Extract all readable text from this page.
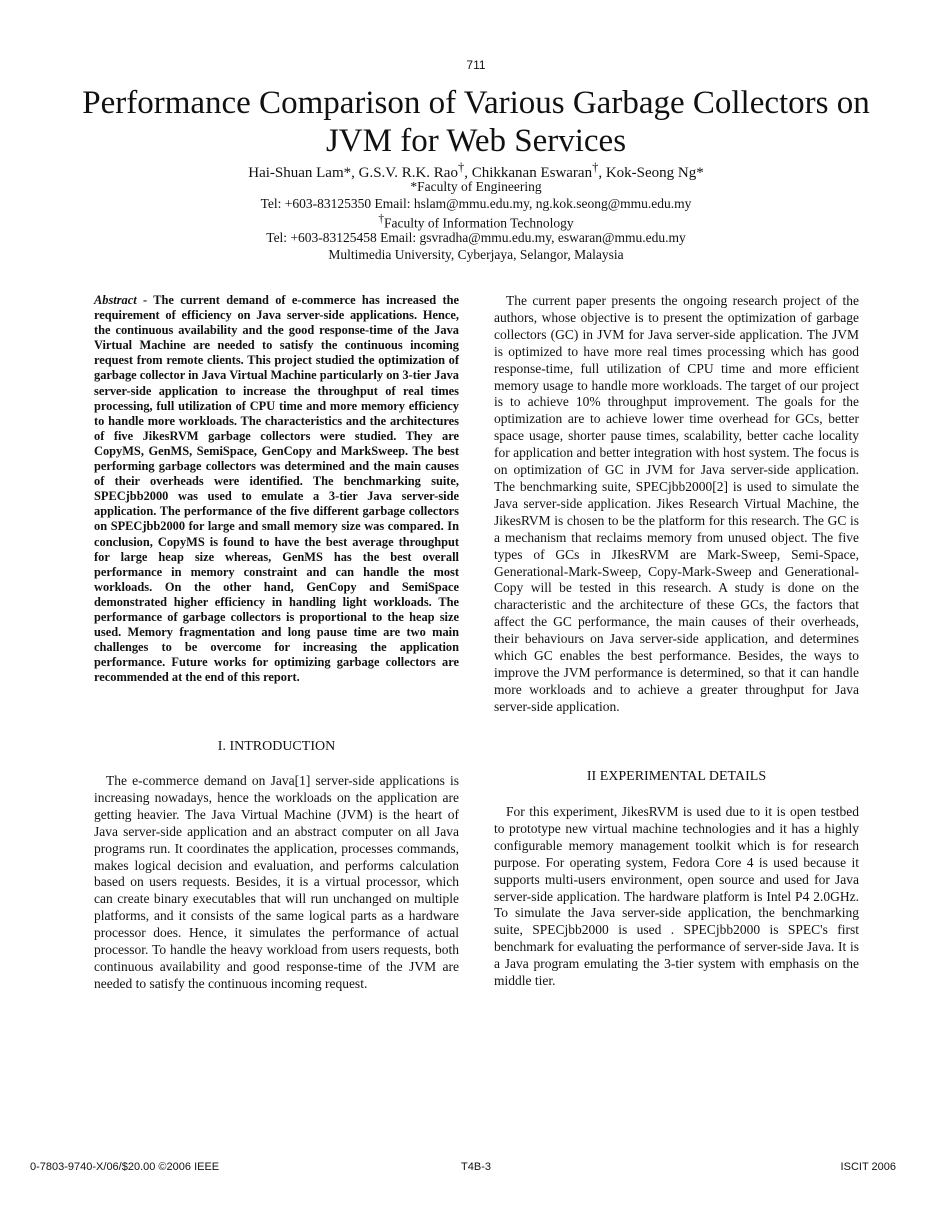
711
Performance Comparison of Various Garbage Collectors on JVM for Web Services
Hai-Shuan Lam*, G.S.V. R.K. Rao†, Chikkanan Eswaran†, Kok-Seong Ng*
*Faculty of Engineering
Tel: +603-83125350 Email: hslam@mmu.edu.my, ng.kok.seong@mmu.edu.my
†Faculty of Information Technology
Tel: +603-83125458 Email: gsvradha@mmu.edu.my, eswaran@mmu.edu.my
Multimedia University, Cyberjaya, Selangor, Malaysia

Abstract - The current demand of e-commerce has increased the requirement of efficiency on Java server-side applications. Hence, the continuous availability and the good response-time of the Java Virtual Machine are needed to satisfy the continuous incoming request from remote clients. This project studied the optimization of garbage collector in Java Virtual Machine particularly on 3-tier Java server-side application to increase the throughput of real times processing, full utilization of CPU time and more memory efficiency to handle more workloads. The characteristics and the architectures of five JikesRVM garbage collectors were studied. They are CopyMS, GenMS, SemiSpace, GenCopy and MarkSweep. The best performing garbage collectors was determined and the main causes of their overheads were identified. The benchmarking suite, SPECjbb2000 was used to emulate a 3-tier Java server-side application. The performance of the five different garbage collectors on SPECjbb2000 for large and small memory size was compared. In conclusion, CopyMS is found to have the best average throughput for large heap size whereas, GenMS has the best overall performance in memory constraint and can handle the most workloads. On the other hand, GenCopy and SemiSpace demonstrated higher efficiency in handling light workloads. The performance of garbage collectors is proportional to the heap size used. Memory fragmentation and long pause time are two main challenges to be overcome for increasing the application performance. Future works for optimizing garbage collectors are recommended at the end of this report.

I. INTRODUCTION

The e-commerce demand on Java[1] server-side applications is increasing nowadays, hence the workloads on the application are getting heavier. The Java Virtual Machine (JVM) is the heart of Java server-side application and an abstract computer on all Java programs run. It coordinates the application, processes commands, makes logical decision and evaluation, and performs calculation based on users requests. Besides, it is a virtual processor, which can create binary executables that will run unchanged on multiple platforms, and it consists of the same logical parts as a hardware processor does. Hence, it simulates the performance of actual processor. To handle the heavy workload from users requests, both continuous availability and good response-time of the JVM are needed to satisfy the continuous incoming request.

The current paper presents the ongoing research project of the authors, whose objective is to present the optimization of garbage collectors (GC) in JVM for Java server-side application. The JVM is optimized to have more real times processing which has good response-time, full utilization of CPU time and more efficient memory usage to handle more workloads. The target of our project is to achieve 10% throughput improvement. The goals for the optimization are to achieve lower time overhead for GCs, better space usage, shorter pause times, scalability, better cache locality for application and better integration with host system. The focus is on optimization of GC in JVM for Java server-side application. The benchmarking suite, SPECjbb2000[2] is used to simulate the Java server-side application. Jikes Research Virtual Machine, the JikesRVM is chosen to be the platform for this research. The GC is a mechanism that reclaims memory from unused object. The five types of GCs in JIkesRVM are Mark-Sweep, Semi-Space, Generational-Mark-Sweep, Copy-Mark-Sweep and Generational-Copy will be tested in this research. A study is done on the characteristic and the architecture of these GCs, the factors that affect the GC performance, the main causes of their overheads, their behaviours on Java server-side application, and determines which GC enables the best performance. Besides, the ways to improve the JVM performance is determined, so that it can handle more workloads and to achieve a greater throughput for Java server-side application.

II EXPERIMENTAL DETAILS

For this experiment, JikesRVM is used due to it is open testbed to prototype new virtual machine technologies and it has a highly configurable memory management toolkit which is for research purpose. For operating system, Fedora Core 4 is used because it supports multi-users environment, open source and used for Java server-side application. The hardware platform is Intel P4 2.0GHz. To simulate the Java server-side application, the benchmarking suite, SPECjbb2000 is used . SPECjbb2000 is SPEC's first benchmark for evaluating the performance of server-side Java. It is a Java program emulating the 3-tier system with emphasis on the middle tier.

0-7803-9740-X/06/$20.00 ©2006 IEEE	T4B-3	ISCIT 2006
